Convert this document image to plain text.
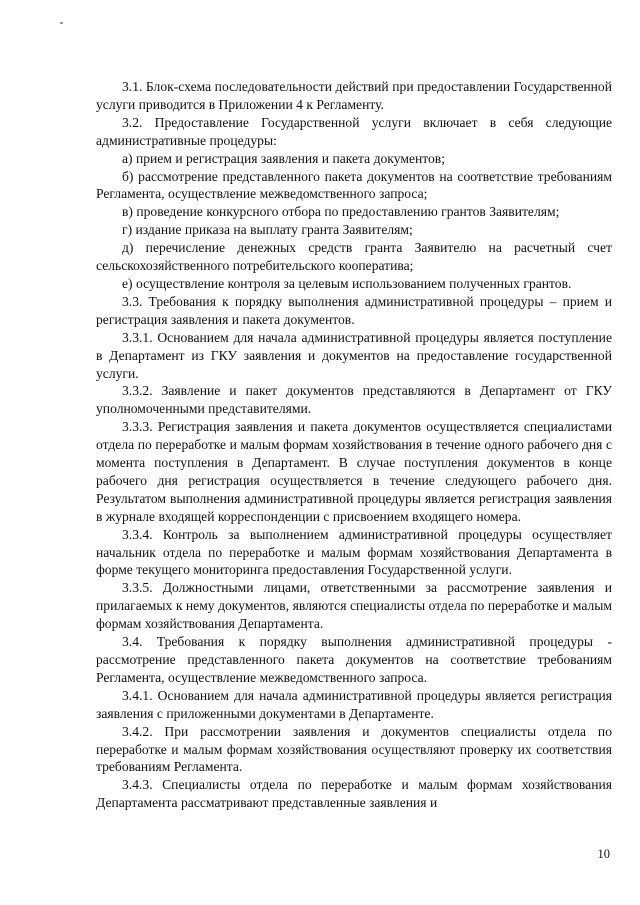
3.1. Блок-схема последовательности действий при предоставлении Государственной услуги приводится в Приложении 4 к Регламенту.

3.2. Предоставление Государственной услуги включает в себя следующие административные процедуры:

а) прием и регистрация заявления и пакета документов;

б) рассмотрение представленного пакета документов на соответствие требованиям Регламента, осуществление межведомственного запроса;

в) проведение конкурсного отбора по предоставлению грантов Заявителям;

г) издание приказа на выплату гранта Заявителям;

д) перечисление денежных средств гранта Заявителю на расчетный счет сельскохозяйственного потребительского кооператива;

е) осуществление контроля за целевым использованием полученных грантов.

3.3. Требования к порядку выполнения административной процедуры – прием и регистрация заявления и пакета документов.

3.3.1. Основанием для начала административной процедуры является поступление в Департамент из ГКУ заявления и документов на предоставление государственной услуги.

3.3.2. Заявление и пакет документов представляются в Департамент от ГКУ уполномоченными представителями.

3.3.3. Регистрация заявления и пакета документов осуществляется специалистами отдела по переработке и малым формам хозяйствования в течение одного рабочего дня с момента поступления в Департамент. В случае поступления документов в конце рабочего дня регистрация осуществляется в течение следующего рабочего дня. Результатом выполнения административной процедуры является регистрация заявления в журнале входящей корреспонденции с присвоением входящего номера.

3.3.4. Контроль за выполнением административной процедуры осуществляет начальник отдела по переработке и малым формам хозяйствования Департамента в форме текущего мониторинга предоставления Государственной услуги.

3.3.5. Должностными лицами, ответственными за рассмотрение заявления и прилагаемых к нему документов, являются специалисты отдела по переработке и малым формам хозяйствования Департамента.

3.4. Требования к порядку выполнения административной процедуры - рассмотрение представленного пакета документов на соответствие требованиям Регламента, осуществление межведомственного запроса.

3.4.1. Основанием для начала административной процедуры является регистрация заявления с приложенными документами в Департаменте.

3.4.2. При рассмотрении заявления и документов специалисты отдела по переработке и малым формам хозяйствования осуществляют проверку их соответствия требованиям Регламента.

3.4.3. Специалисты отдела по переработке и малым формам хозяйствования Департамента рассматривают представленные заявления и

10
